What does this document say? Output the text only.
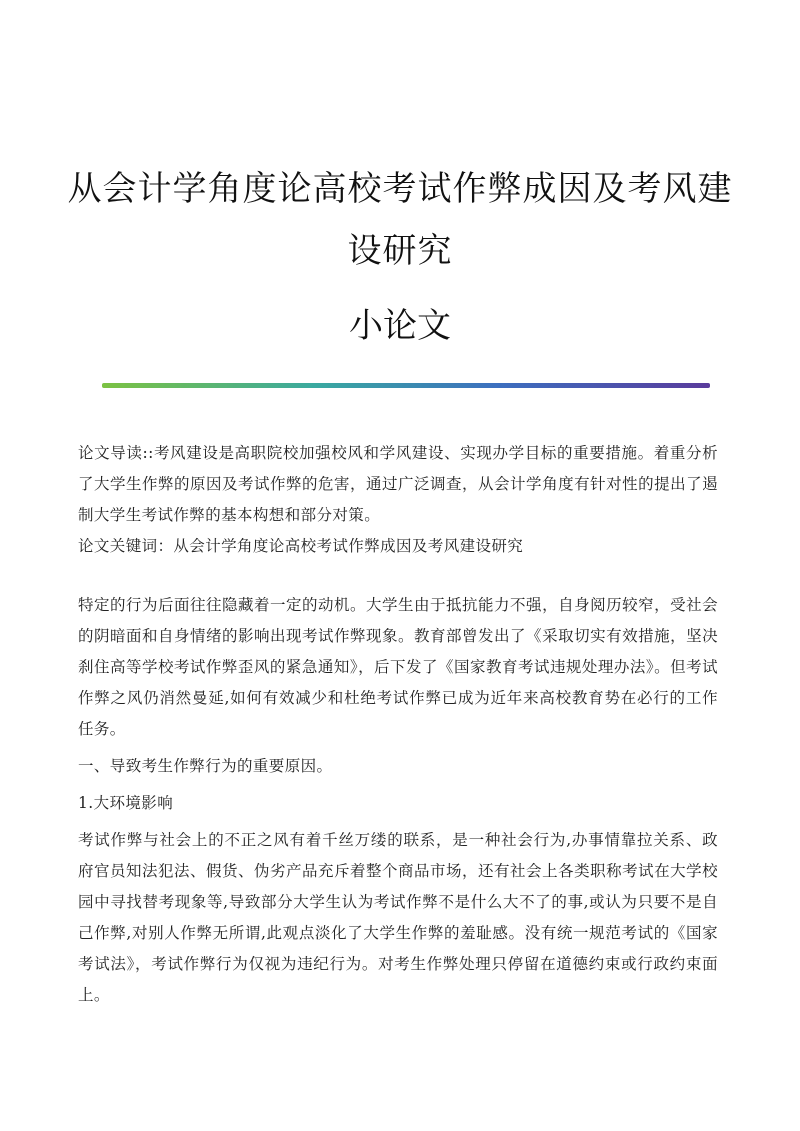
从会计学角度论高校考试作弊成因及考风建设研究
小论文

论文导读::考风建设是高职院校加强校风和学风建设、实现办学目标的重要措施。着重分析了大学生作弊的原因及考试作弊的危害，通过广泛调查，从会计学角度有针对性的提出了遏制大学生考试作弊的基本构想和部分对策。

论文关键词：从会计学角度论高校考试作弊成因及考风建设研究

特定的行为后面往往隐藏着一定的动机。大学生由于抵抗能力不强，自身阅历较窄，受社会的阴暗面和自身情绪的影响出现考试作弊现象。教育部曾发出了《采取切实有效措施，坚决刹住高等学校考试作弊歪风的紧急通知》，后下发了《国家教育考试违规处理办法》。但考试作弊之风仍消然曼延,如何有效减少和杜绝考试作弊已成为近年来高校教育势在必行的工作任务。

一、导致考生作弊行为的重要原因。

1.大环境影响

考试作弊与社会上的不正之风有着千丝万缕的联系，是一种社会行为,办事情靠拉关系、政府官员知法犯法、假货、伪劣产品充斥着整个商品市场，还有社会上各类职称考试在大学校园中寻找替考现象等,导致部分大学生认为考试作弊不是什么大不了的事,或认为只要不是自己作弊,对别人作弊无所谓,此观点淡化了大学生作弊的羞耻感。没有统一规范考试的《国家考试法》，考试作弊行为仅视为违纪行为。对考生作弊处理只停留在道德约束或行政约束面上。
